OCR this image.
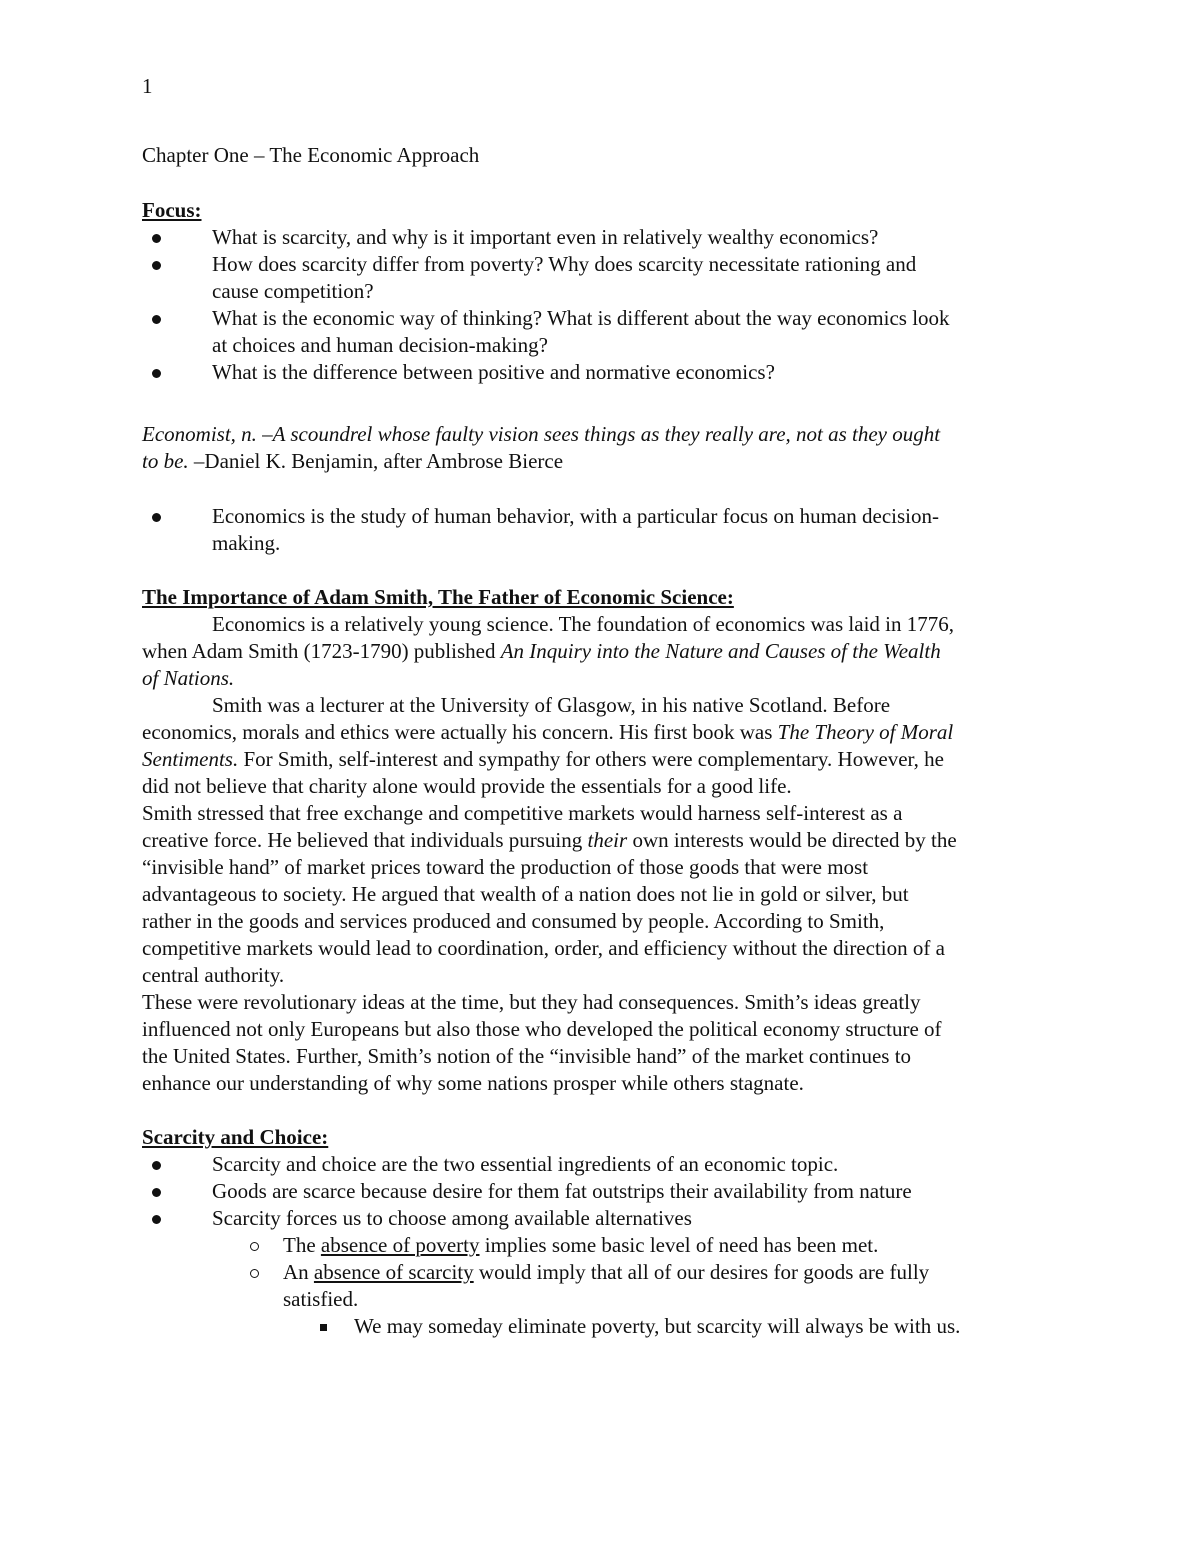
1
Chapter One – The Economic Approach
Focus:
What is scarcity, and why is it important even in relatively wealthy economics?
How does scarcity differ from poverty? Why does scarcity necessitate rationing and
cause competition?
What is the economic way of thinking? What is different about the way economics look
at choices and human decision-making?
What is the difference between positive and normative economics?
Economist, n. –A scoundrel whose faulty vision sees things as they really are, not as they ought
to be. –Daniel K. Benjamin, after Ambrose Bierce
Economics is the study of human behavior, with a particular focus on human decision-
making.
The Importance of Adam Smith, The Father of Economic Science:
Economics is a relatively young science. The foundation of economics was laid in 1776,
when Adam Smith (1723-1790) published An Inquiry into the Nature and Causes of the Wealth
of Nations.
Smith was a lecturer at the University of Glasgow, in his native Scotland. Before
economics, morals and ethics were actually his concern. His first book was The Theory of Moral
Sentiments. For Smith, self-interest and sympathy for others were complementary. However, he
did not believe that charity alone would provide the essentials for a good life.
Smith stressed that free exchange and competitive markets would harness self-interest as a
creative force. He believed that individuals pursuing their own interests would be directed by the
“invisible hand” of market prices toward the production of those goods that were most
advantageous to society. He argued that wealth of a nation does not lie in gold or silver, but
rather in the goods and services produced and consumed by people. According to Smith,
competitive markets would lead to coordination, order, and efficiency without the direction of a
central authority.
These were revolutionary ideas at the time, but they had consequences. Smith’s ideas greatly
influenced not only Europeans but also those who developed the political economy structure of
the United States. Further, Smith’s notion of the “invisible hand” of the market continues to
enhance our understanding of why some nations prosper while others stagnate.
Scarcity and Choice:
Scarcity and choice are the two essential ingredients of an economic topic.
Goods are scarce because desire for them fat outstrips their availability from nature
Scarcity forces us to choose among available alternatives
The absence of poverty implies some basic level of need has been met.
An absence of scarcity would imply that all of our desires for goods are fully
satisfied.
We may someday eliminate poverty, but scarcity will always be with us.
